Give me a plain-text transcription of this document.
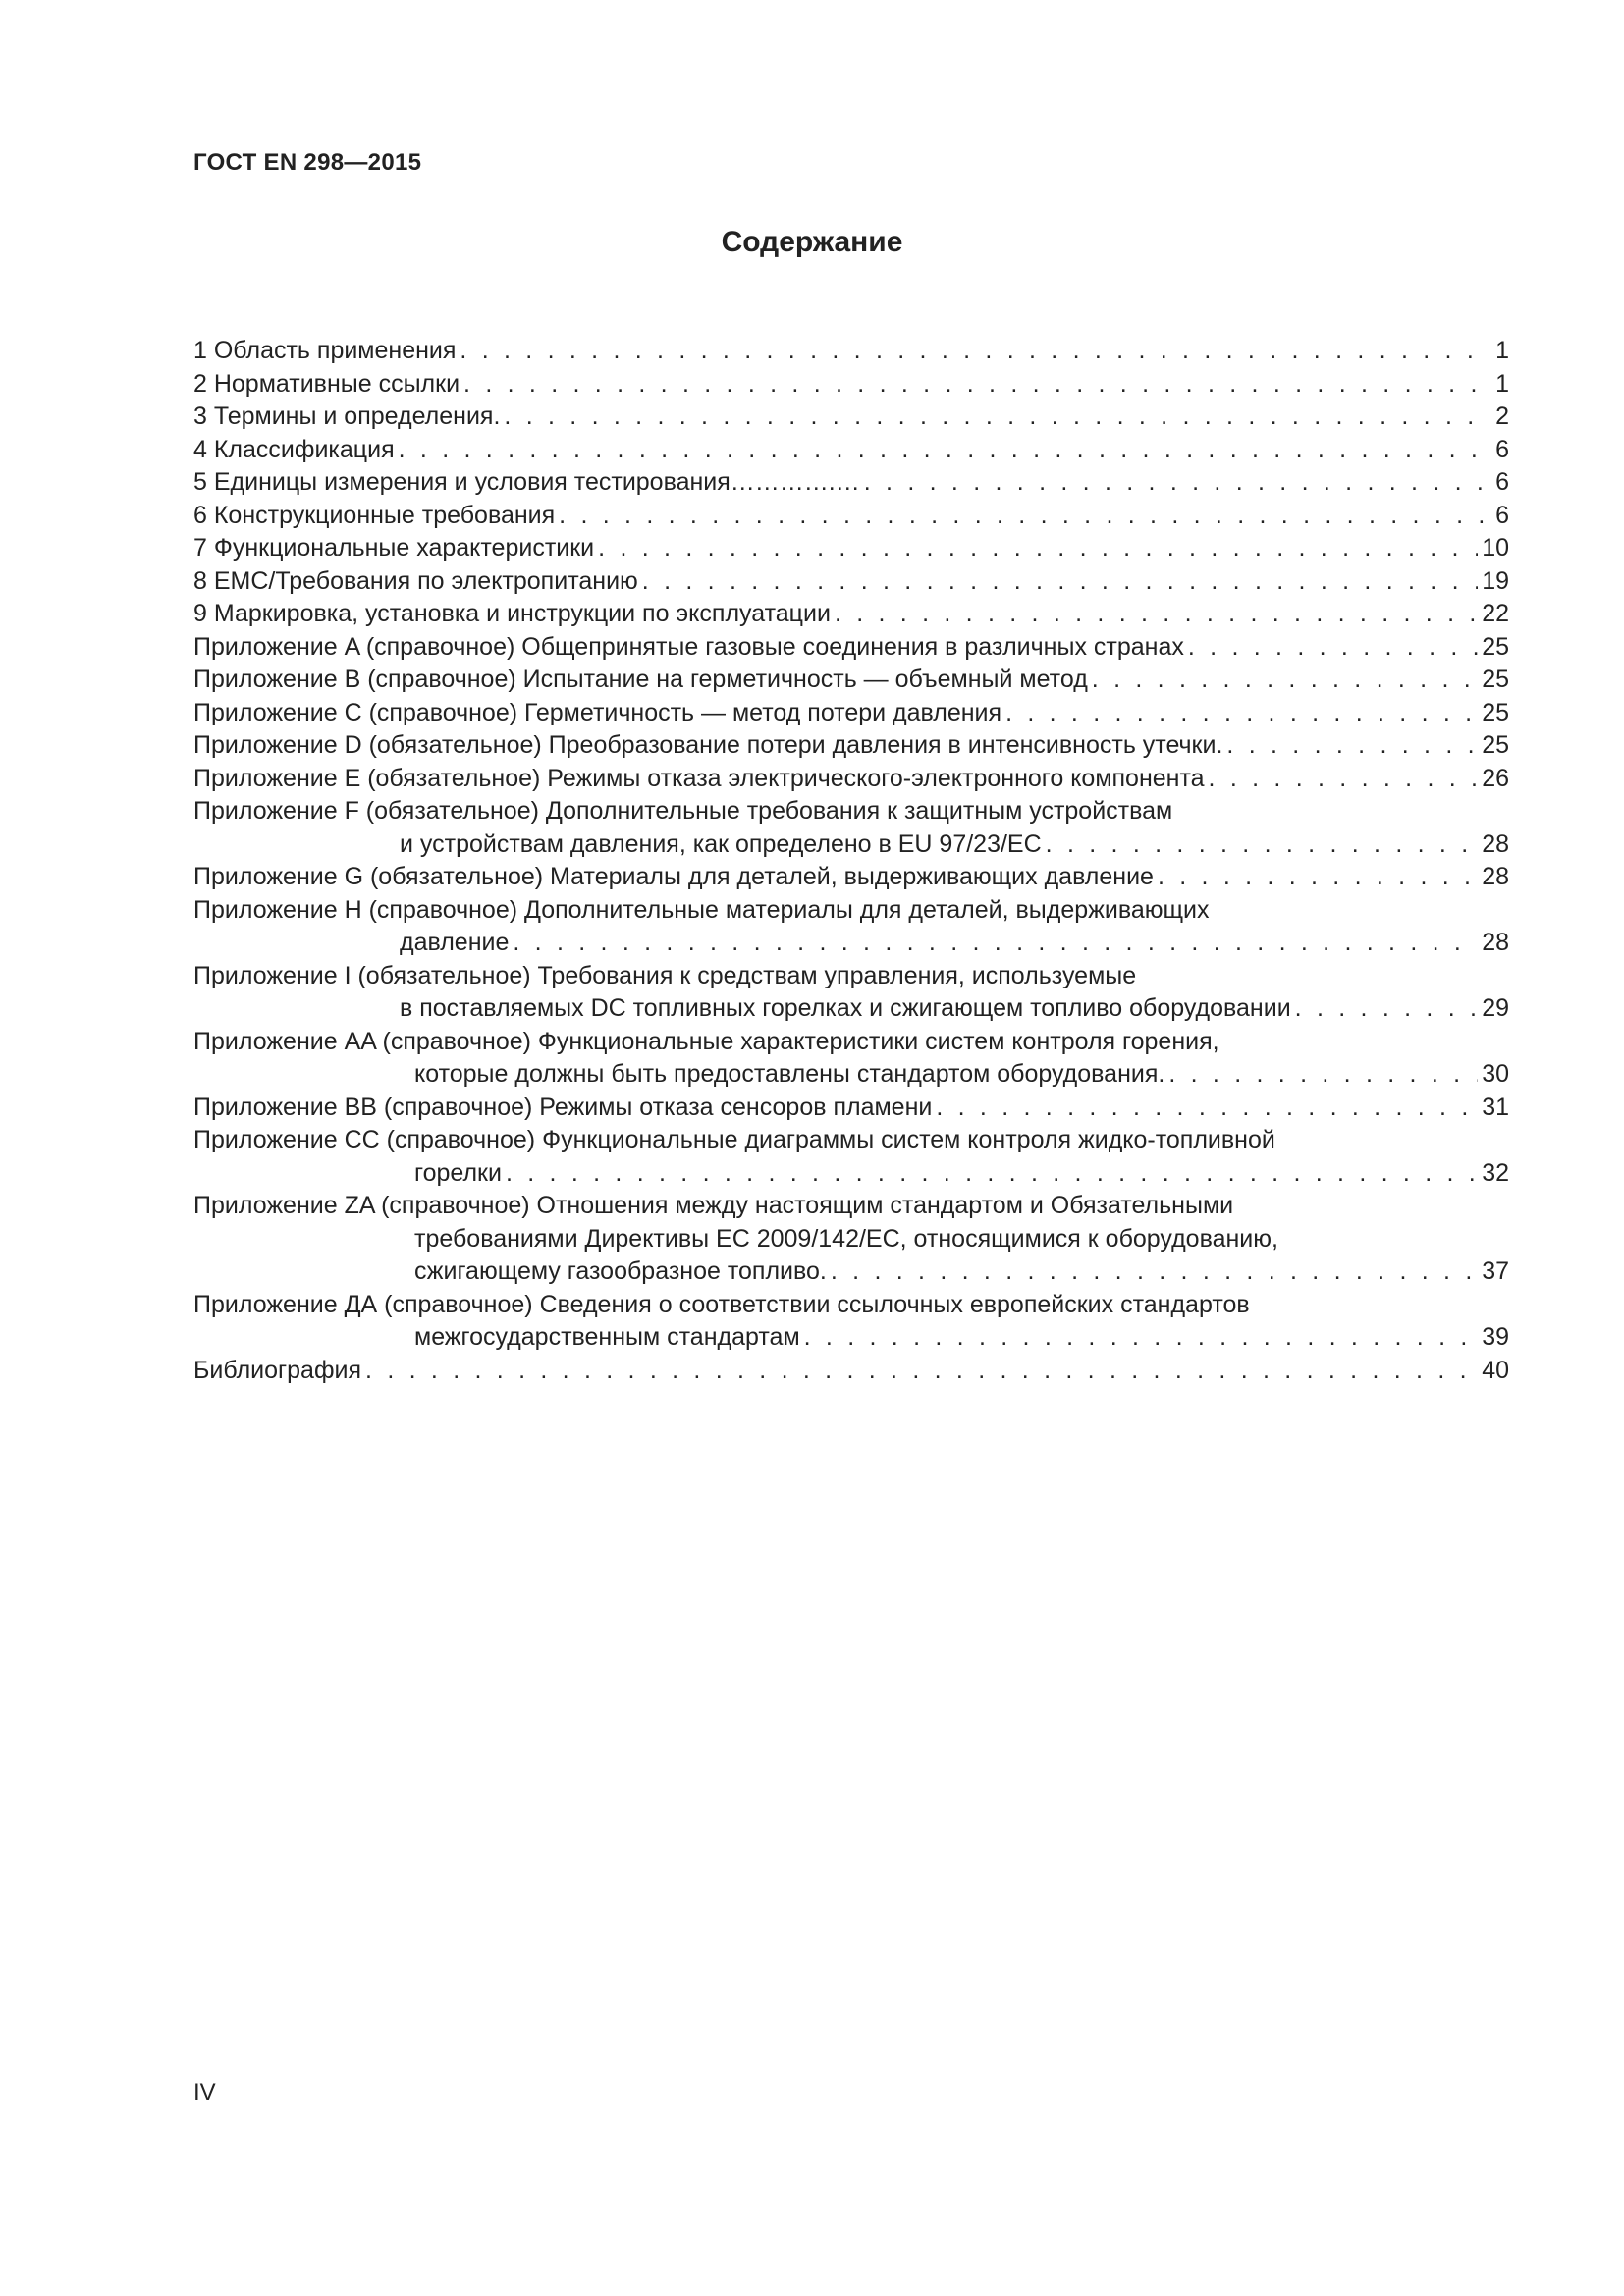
ГОСТ EN 298—2015
Содержание
1 Область применения . . .	1
2 Нормативные ссылки . . .	1
3 Термины и определения. . . .	2
4 Классификация . . .	6
5 Единицы измерения и условия тестирования………….… . . .	6
6 Конструкционные требования . . .	6
7 Функциональные характеристики . . .	10
8 EMC/Требования по электропитанию . . .	19
9 Маркировка, установка и инструкции по эксплуатации . . .	22
Приложение A (справочное) Общепринятые газовые соединения в различных странах . . .	25
Приложение B (справочное) Испытание на герметичность — объемный метод . . .	25
Приложение C (справочное) Герметичность — метод потери давления . . .	25
Приложение D (обязательное) Преобразование потери давления в интенсивность утечки. . . .	25
Приложение E (обязательное) Режимы отказа электрического-электронного компонента . . .	26
Приложение F (обязательное) Дополнительные требования к защитным устройствам
и устройствам давления, как определено в EU 97/23/EC . . .	28
Приложение G (обязательное) Материалы для деталей, выдерживающих давление . . .	28
Приложение H (справочное) Дополнительные материалы для деталей, выдерживающих
давление . . .	28
Приложение I (обязательное) Требования к средствам управления, используемые
в поставляемых DC топливных горелках и сжигающем топливо оборудовании . . .	29
Приложение AA (справочное) Функциональные характеристики систем контроля горения,
которые должны быть предоставлены стандартом оборудования. . . .	30
Приложение BB (справочное) Режимы отказа сенсоров пламени . . .	31
Приложение CC (справочное) Функциональные диаграммы систем контроля жидко-топливной
горелки . . .	32
Приложение ZA (справочное) Отношения между настоящим стандартом и Обязательными
требованиями Директивы ЕС 2009/142/ЕС, относящимися к оборудованию,
сжигающему газообразное топливо. . . .	37
Приложение ДА (справочное) Сведения о соответствии ссылочных европейских стандартов
межгосударственным стандартам . . .	39
Библиография . . .	40
IV
